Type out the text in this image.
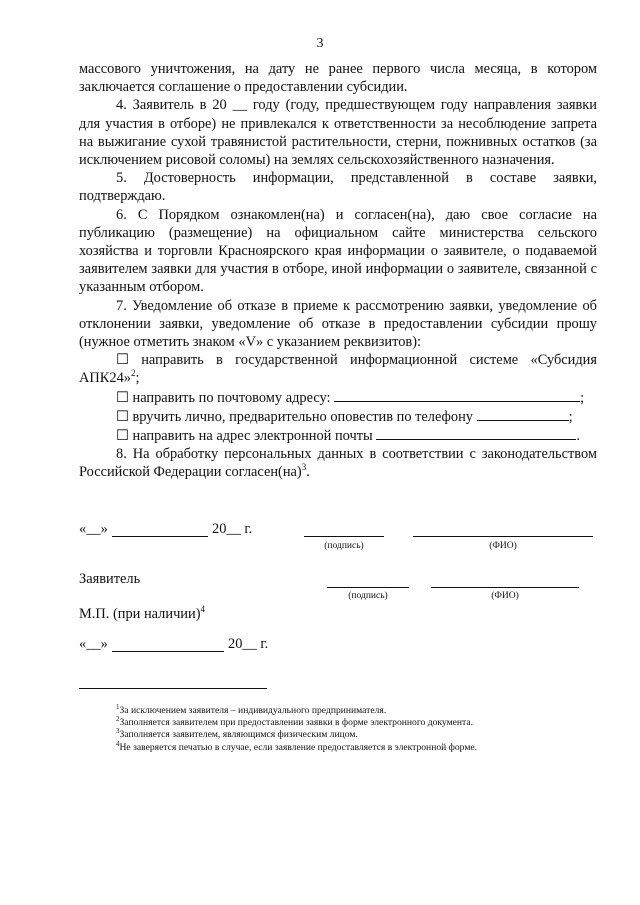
3

массового уничтожения, на дату не ранее первого числа месяца, в котором заключается соглашение о предоставлении субсидии.

4. Заявитель в 20 __ году (году, предшествующем году направления заявки для участия в отборе) не привлекался к ответственности за несоблюдение запрета на выжигание сухой травянистой растительности, стерни, пожнивных остатков (за исключением рисовой соломы) на землях сельскохозяйственного назначения.

5. Достоверность информации, представленной в составе заявки, подтверждаю.

6. С Порядком ознакомлен(на) и согласен(на), даю свое согласие на публикацию (размещение) на официальном сайте министерства сельского хозяйства и торговли Красноярского края информации о заявителе, о подаваемой заявителем заявки для участия в отборе, иной информации о заявителе, связанной с указанным отбором.

7. Уведомление об отказе в приеме к рассмотрению заявки, уведомление об отклонении заявки, уведомление об отказе в предоставлении субсидии прошу (нужное отметить знаком «V» с указанием реквизитов):

☐ направить в государственной информационной системе «Субсидия АПК24»$^2$;

☐ направить по почтовому адресу:	;

☐ вручить лично, предварительно оповестив по телефону	;

☐ направить на адрес электронной почты	.

8. На обработку персональных данных в соответствии с законодательством Российской Федерации согласен(на)$^3$.

«__»	20__ г.
(подпись)	(ФИО)
Заявитель
(подпись)	(ФИО)
М.П. (при наличии)$^4$
«__»	20__ г.
$^1$За исключением заявителя – индивидуального предпринимателя.
$^2$Заполняется заявителем при предоставлении заявки в форме электронного документа.
$^3$Заполняется заявителем, являющимся физическим лицом.
$^4$Не заверяется печатью в случае, если заявление предоставляется в электронной форме.
